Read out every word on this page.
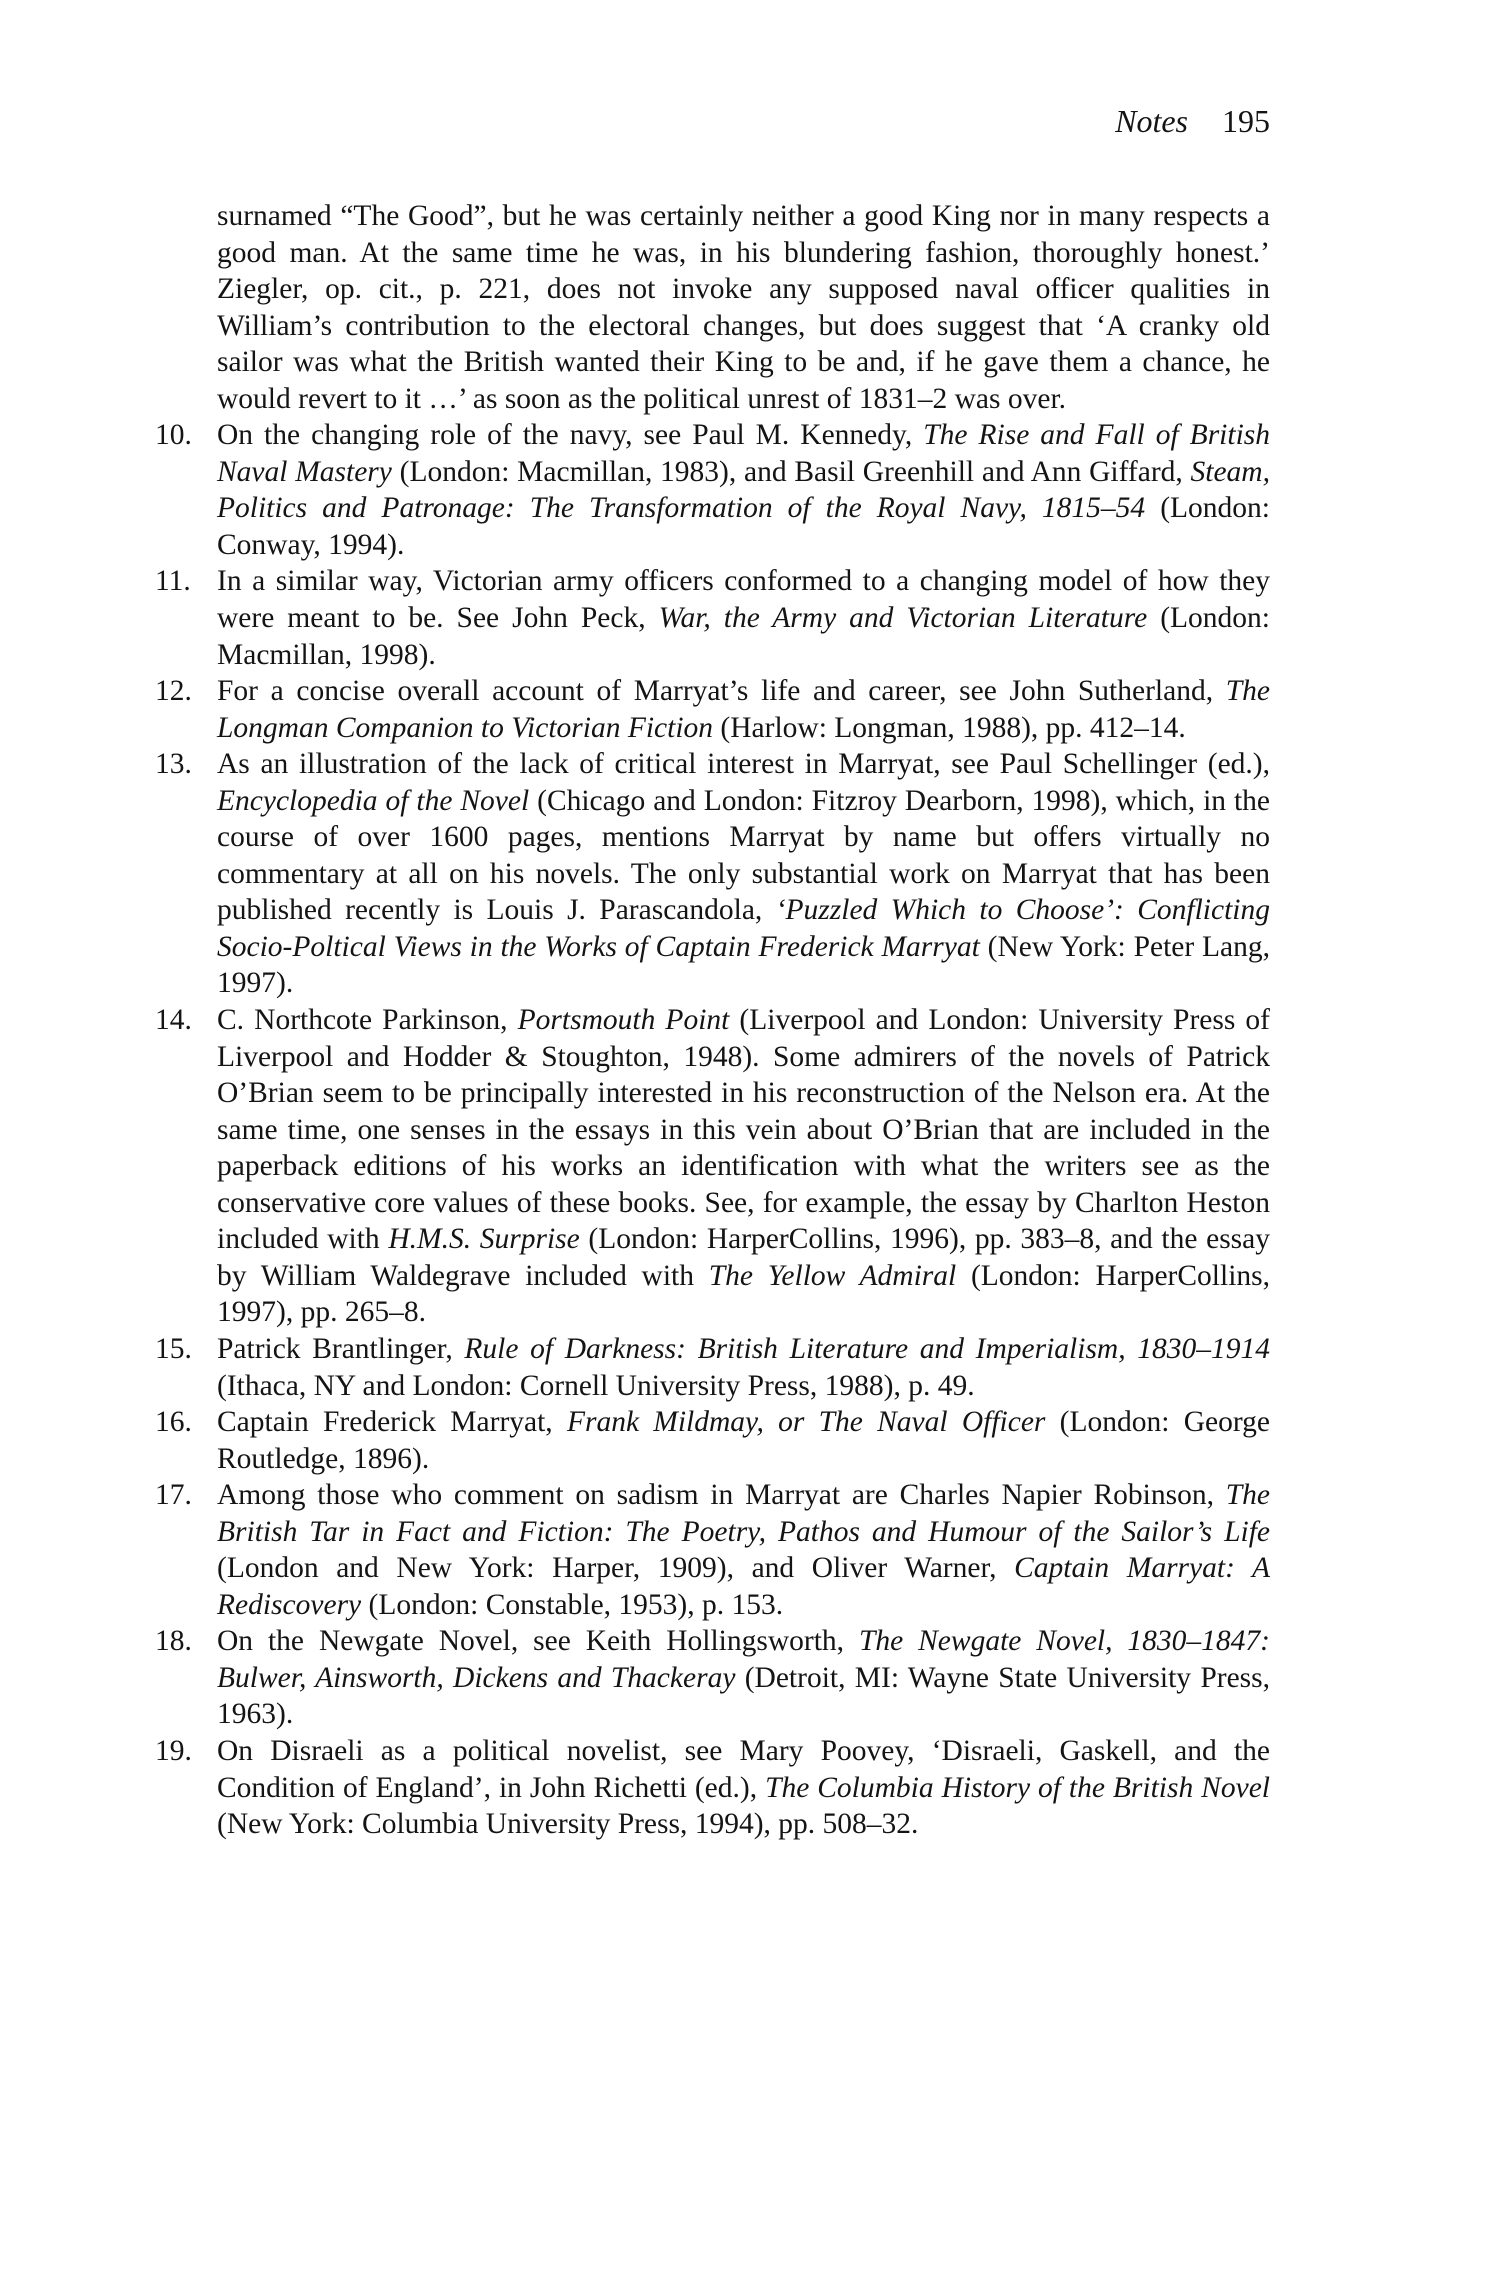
Notes 195

surnamed “The Good”, but he was certainly neither a good King nor in many respects a good man. At the same time he was, in his blundering fashion, thoroughly honest.’ Ziegler, op. cit., p. 221, does not invoke any supposed naval officer qualities in William’s contribution to the electoral changes, but does suggest that ‘A cranky old sailor was what the British wanted their King to be and, if he gave them a chance, he would revert to it …’ as soon as the political unrest of 1831–2 was over.

10. On the changing role of the navy, see Paul M. Kennedy, The Rise and Fall of British Naval Mastery (London: Macmillan, 1983), and Basil Greenhill and Ann Giffard, Steam, Politics and Patronage: The Transformation of the Royal Navy, 1815–54 (London: Conway, 1994).
11. In a similar way, Victorian army officers conformed to a changing model of how they were meant to be. See John Peck, War, the Army and Victorian Literature (London: Macmillan, 1998).
12. For a concise overall account of Marryat’s life and career, see John Sutherland, The Longman Companion to Victorian Fiction (Harlow: Longman, 1988), pp. 412–14.
13. As an illustration of the lack of critical interest in Marryat, see Paul Schellinger (ed.), Encyclopedia of the Novel (Chicago and London: Fitzroy Dearborn, 1998), which, in the course of over 1600 pages, mentions Marryat by name but offers virtually no commentary at all on his novels. The only substantial work on Marryat that has been published recently is Louis J. Parascandola, ‘Puzzled Which to Choose’: Conflicting Socio-Poltical Views in the Works of Captain Frederick Marryat (New York: Peter Lang, 1997).
14. C. Northcote Parkinson, Portsmouth Point (Liverpool and London: University Press of Liverpool and Hodder & Stoughton, 1948). Some admirers of the novels of Patrick O’Brian seem to be principally interested in his reconstruction of the Nelson era. At the same time, one senses in the essays in this vein about O’Brian that are included in the paperback editions of his works an identification with what the writers see as the conservative core values of these books. See, for example, the essay by Charlton Heston included with H.M.S. Surprise (London: HarperCollins, 1996), pp. 383–8, and the essay by William Waldegrave included with The Yellow Admiral (London: HarperCollins, 1997), pp. 265–8.
15. Patrick Brantlinger, Rule of Darkness: British Literature and Imperialism, 1830–1914 (Ithaca, NY and London: Cornell University Press, 1988), p. 49.
16. Captain Frederick Marryat, Frank Mildmay, or The Naval Officer (London: George Routledge, 1896).
17. Among those who comment on sadism in Marryat are Charles Napier Robinson, The British Tar in Fact and Fiction: The Poetry, Pathos and Humour of the Sailor’s Life (London and New York: Harper, 1909), and Oliver Warner, Captain Marryat: A Rediscovery (London: Constable, 1953), p. 153.
18. On the Newgate Novel, see Keith Hollingsworth, The Newgate Novel, 1830–1847: Bulwer, Ainsworth, Dickens and Thackeray (Detroit, MI: Wayne State University Press, 1963).
19. On Disraeli as a political novelist, see Mary Poovey, ‘Disraeli, Gaskell, and the Condition of England’, in John Richetti (ed.), The Columbia History of the British Novel (New York: Columbia University Press, 1994), pp. 508–32.
